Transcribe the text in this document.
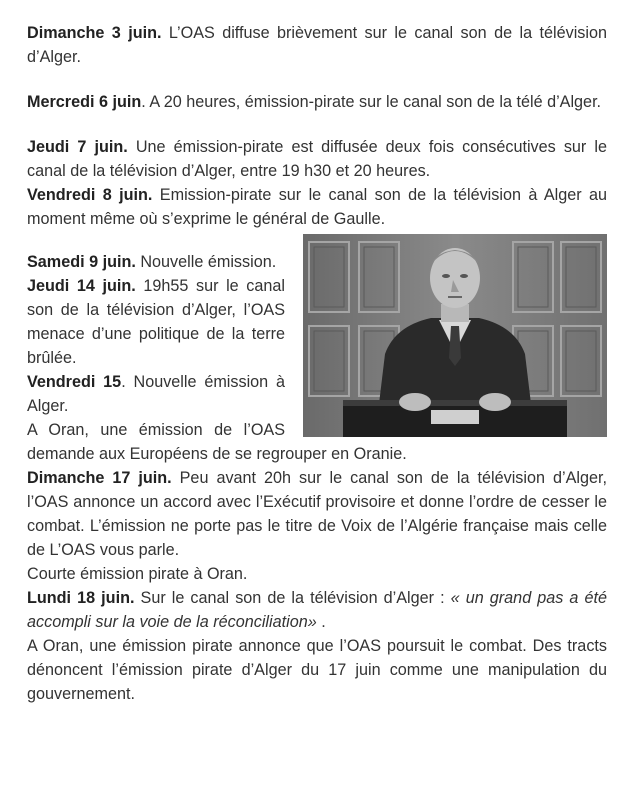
Dimanche 3 juin. L’OAS diffuse brièvement sur le canal son de la télévision d’Alger.

Mercredi 6 juin. A 20 heures, émission-pirate sur le canal son de la télé d’Alger.

Jeudi 7 juin. Une émission-pirate est diffusée deux fois consécutives sur le canal de la télévision d’Alger, entre 19 h30 et 20 heures.

Vendredi 8 juin. Emission-pirate sur le canal son de la télévision à Alger au moment même où s’exprime le général de Gaulle.

Samedi 9 juin. Nouvelle émission.

Jeudi 14 juin. 19h55 sur le canal son de la télévision d’Alger, l’OAS menace d’une politique de la terre brûlée.

Vendredi 15. Nouvelle émission à Alger.

A Oran, une émission de l’OAS demande aux Européens de se regrouper en Oranie.

Dimanche 17 juin. Peu avant 20h sur le canal son de la télévision d’Alger, l’OAS annonce un accord avec l’Exécutif provisoire et donne l’ordre de cesser le combat. L’émission ne porte pas le titre de Voix de l’Algérie française mais celle de L’OAS vous parle.

Courte émission pirate à Oran.

Lundi 18 juin. Sur le canal son de la télévision d’Alger : « un grand pas a été accompli sur la voie de la réconciliation» .

A Oran, une émission pirate annonce que l’OAS poursuit le combat. Des tracts dénoncent l’émission pirate d’Alger du 17 juin comme une manipulation du gouvernement.
